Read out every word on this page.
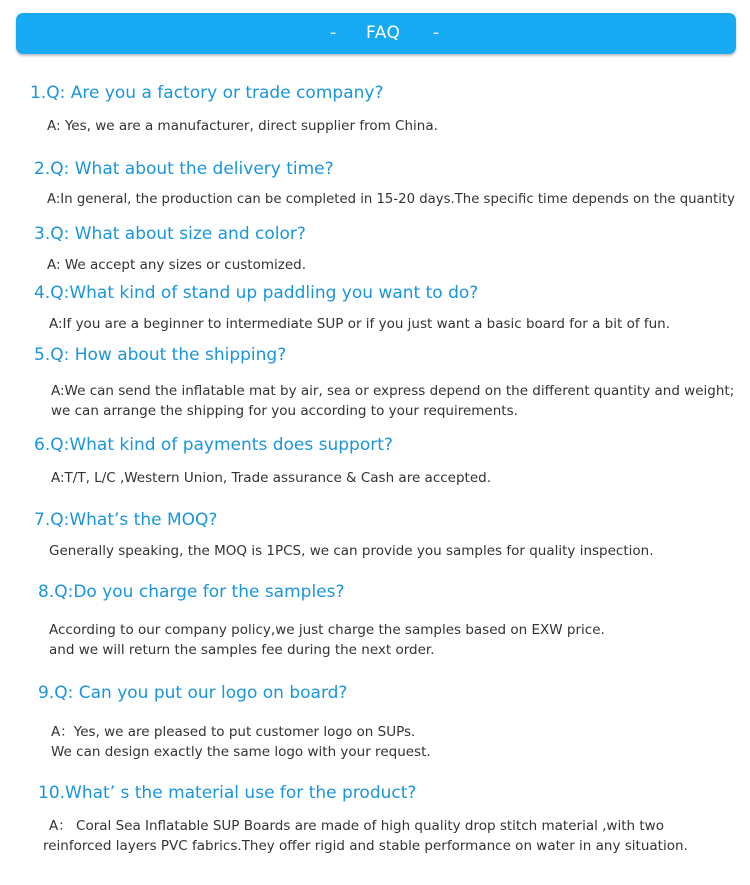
- FAQ -
1.Q: Are you a factory or trade company?
A: Yes, we are a manufacturer, direct supplier from China.
2.Q: What about the delivery time?
A:In general, the production can be completed in 15-20 days.The specific time depends on the quantity
3.Q: What about size and color?
A: We accept any sizes or customized.
4.Q:What kind of stand up paddling you want to do?
A:If you are a beginner to intermediate SUP or if you just want a basic board for a bit of fun.
5.Q: How about the shipping?
A:We can send the inflatable mat by air, sea or express depend on the different quantity and weight;
we can arrange the shipping for you according to your requirements.
6.Q:What kind of payments does support?
A:T/T, L/C ,Western Union, Trade assurance & Cash are accepted.
7.Q:What’s the MOQ?
Generally speaking, the MOQ is 1PCS, we can provide you samples for quality inspection.
8.Q:Do you charge for the samples?
According to our company policy,we just charge the samples based on EXW price.
and we will return the samples fee during the next order.
9.Q: Can you put our logo on board?
A：Yes, we are pleased to put customer logo on SUPs.
We can design exactly the same logo with your request.
10.What’ s the material use for the product?
A： Coral Sea Inflatable SUP Boards are made of high quality drop stitch material ,with two
reinforced layers PVC fabrics.They offer rigid and stable performance on water in any situation.
